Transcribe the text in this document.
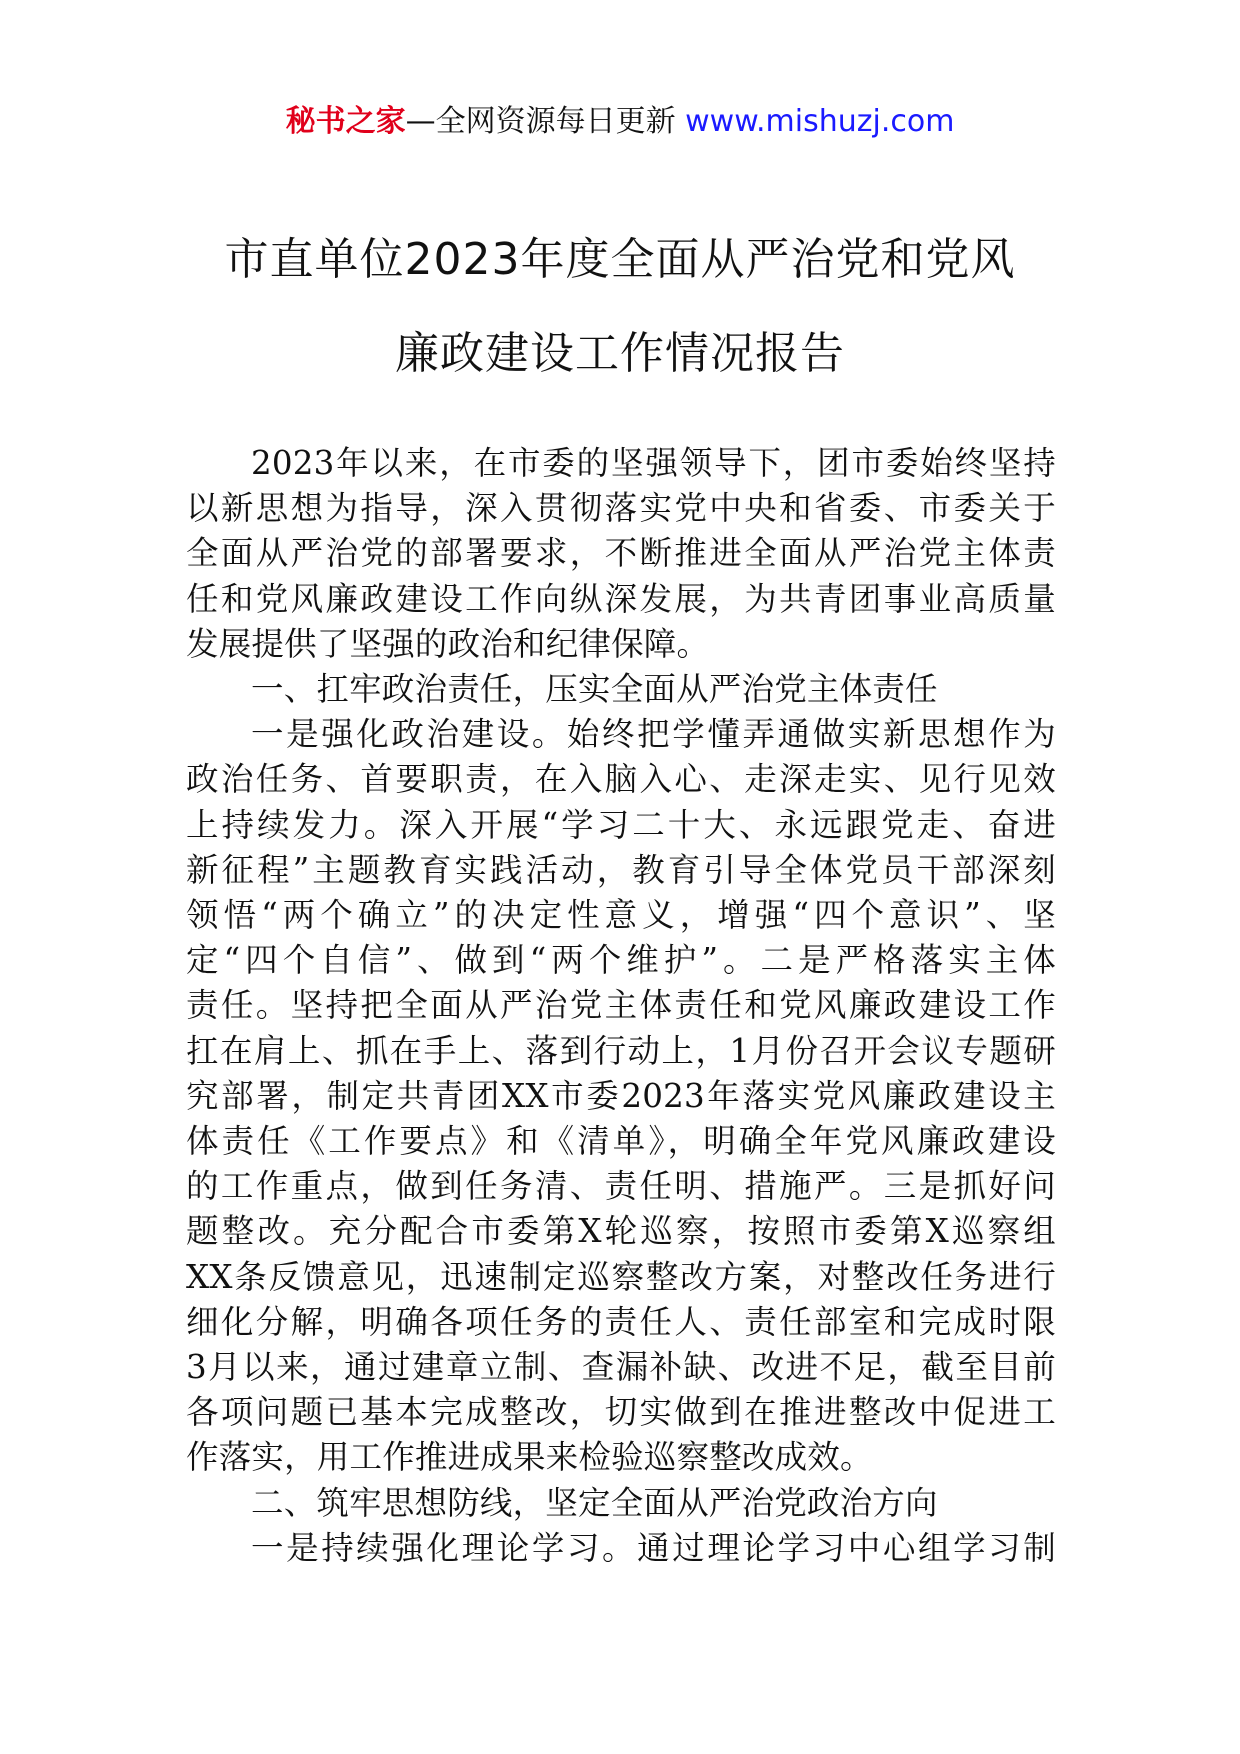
秘书之家—全网资源每日更新 www.mishuzj.com
市直单位2023年度全面从严治党和党风
廉政建设工作情况报告
2023年以来，在市委的坚强领导下，团市委始终坚持
以新思想为指导，深入贯彻落实党中央和省委、市委关于
全面从严治党的部署要求，不断推进全面从严治党主体责
任和党风廉政建设工作向纵深发展，为共青团事业高质量
发展提供了坚强的政治和纪律保障。
一、扛牢政治责任，压实全面从严治党主体责任
一是强化政治建设。始终把学懂弄通做实新思想作为
政治任务、首要职责，在入脑入心、走深走实、见行见效
上持续发力。深入开展“学习二十大、永远跟党走、奋进
新征程”主题教育实践活动，教育引导全体党员干部深刻
领悟“两个确立”的决定性意义，增强“四个意识”、坚
定“四个自信”、做到“两个维护”。二是严格落实主体
责任。坚持把全面从严治党主体责任和党风廉政建设工作
扛在肩上、抓在手上、落到行动上，1月份召开会议专题研
究部署，制定共青团XX市委2023年落实党风廉政建设主
体责任《工作要点》和《清单》，明确全年党风廉政建设
的工作重点，做到任务清、责任明、措施严。三是抓好问
题整改。充分配合市委第X轮巡察，按照市委第X巡察组
XX条反馈意见，迅速制定巡察整改方案，对整改任务进行
细化分解，明确各项任务的责任人、责任部室和完成时限
3月以来，通过建章立制、查漏补缺、改进不足，截至目前
各项问题已基本完成整改，切实做到在推进整改中促进工
作落实，用工作推进成果来检验巡察整改成效。
二、筑牢思想防线，坚定全面从严治党政治方向
一是持续强化理论学习。通过理论学习中心组学习制
